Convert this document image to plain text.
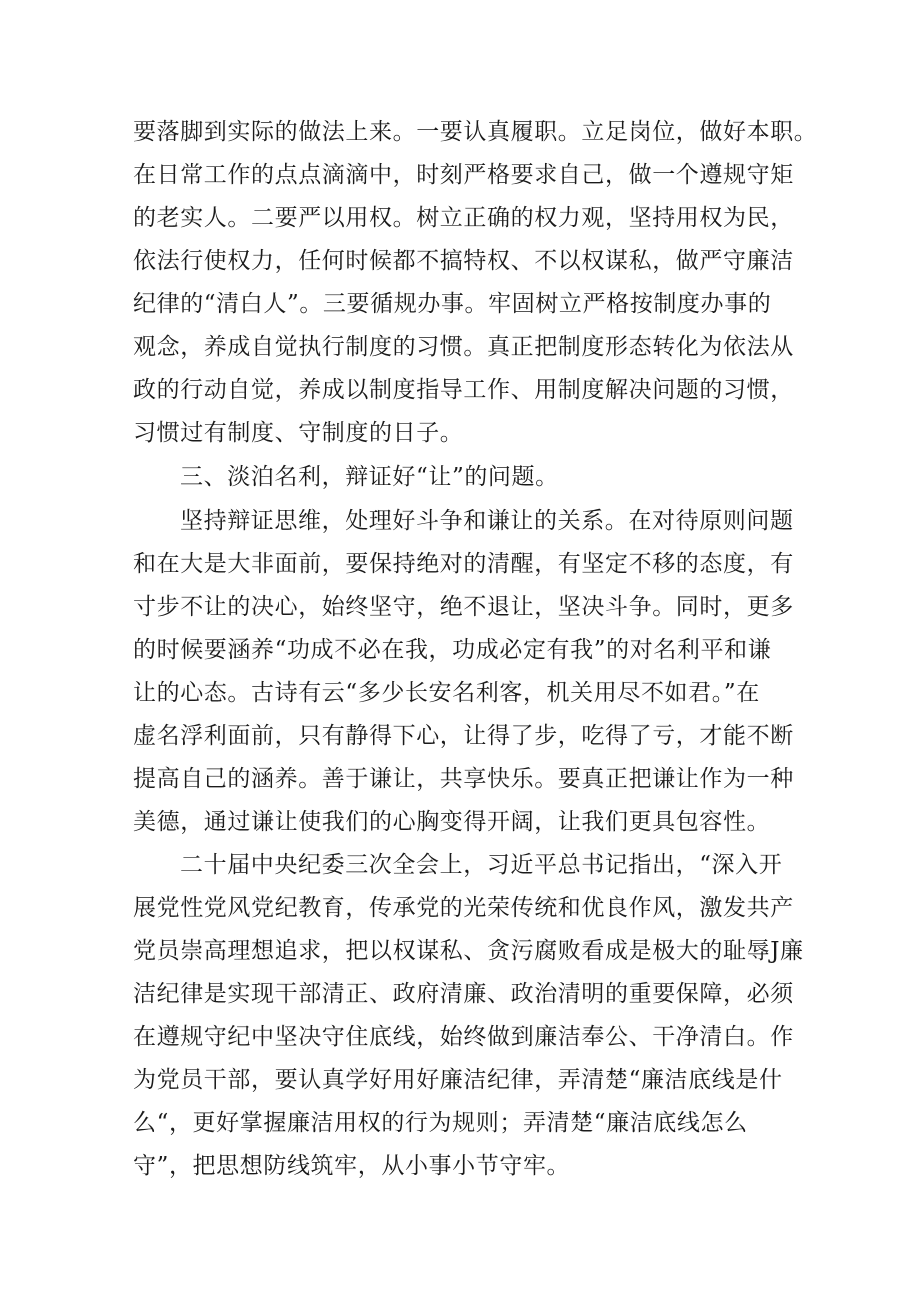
要落脚到实际的做法上来。一要认真履职。立足岗位，做好本职。
在日常工作的点点滴滴中，时刻严格要求自己，做一个遵规守矩
的老实人。二要严以用权。树立正确的权力观，坚持用权为民，
依法行使权力，任何时候都不搞特权、不以权谋私，做严守廉洁
纪律的“清白人”。三要循规办事。牢固树立严格按制度办事的
观念，养成自觉执行制度的习惯。真正把制度形态转化为依法从
政的行动自觉，养成以制度指导工作、用制度解决问题的习惯，
习惯过有制度、守制度的日子。
三、淡泊名利，辩证好“让”的问题。
坚持辩证思维，处理好斗争和谦让的关系。在对待原则问题
和在大是大非面前，要保持绝对的清醒，有坚定不移的态度，有
寸步不让的决心，始终坚守，绝不退让，坚决斗争。同时，更多
的时候要涵养“功成不必在我，功成必定有我”的对名利平和谦
让的心态。古诗有云“多少长安名利客，机关用尽不如君。”在
虚名浮利面前，只有静得下心，让得了步，吃得了亏，才能不断
提高自己的涵养。善于谦让，共享快乐。要真正把谦让作为一种
美德，通过谦让使我们的心胸变得开阔，让我们更具包容性。
二十届中央纪委三次全会上，习近平总书记指出，“深入开
展党性党风党纪教育，传承党的光荣传统和优良作风，激发共产
党员崇高理想追求，把以权谋私、贪污腐败看成是极大的耻辱J廉
洁纪律是实现干部清正、政府清廉、政治清明的重要保障，必须
在遵规守纪中坚决守住底线，始终做到廉洁奉公、干净清白。作
为党员干部，要认真学好用好廉洁纪律，弄清楚“廉洁底线是什
么“，更好掌握廉洁用权的行为规则；弄清楚“廉洁底线怎么
守”，把思想防线筑牢，从小事小节守牢。
